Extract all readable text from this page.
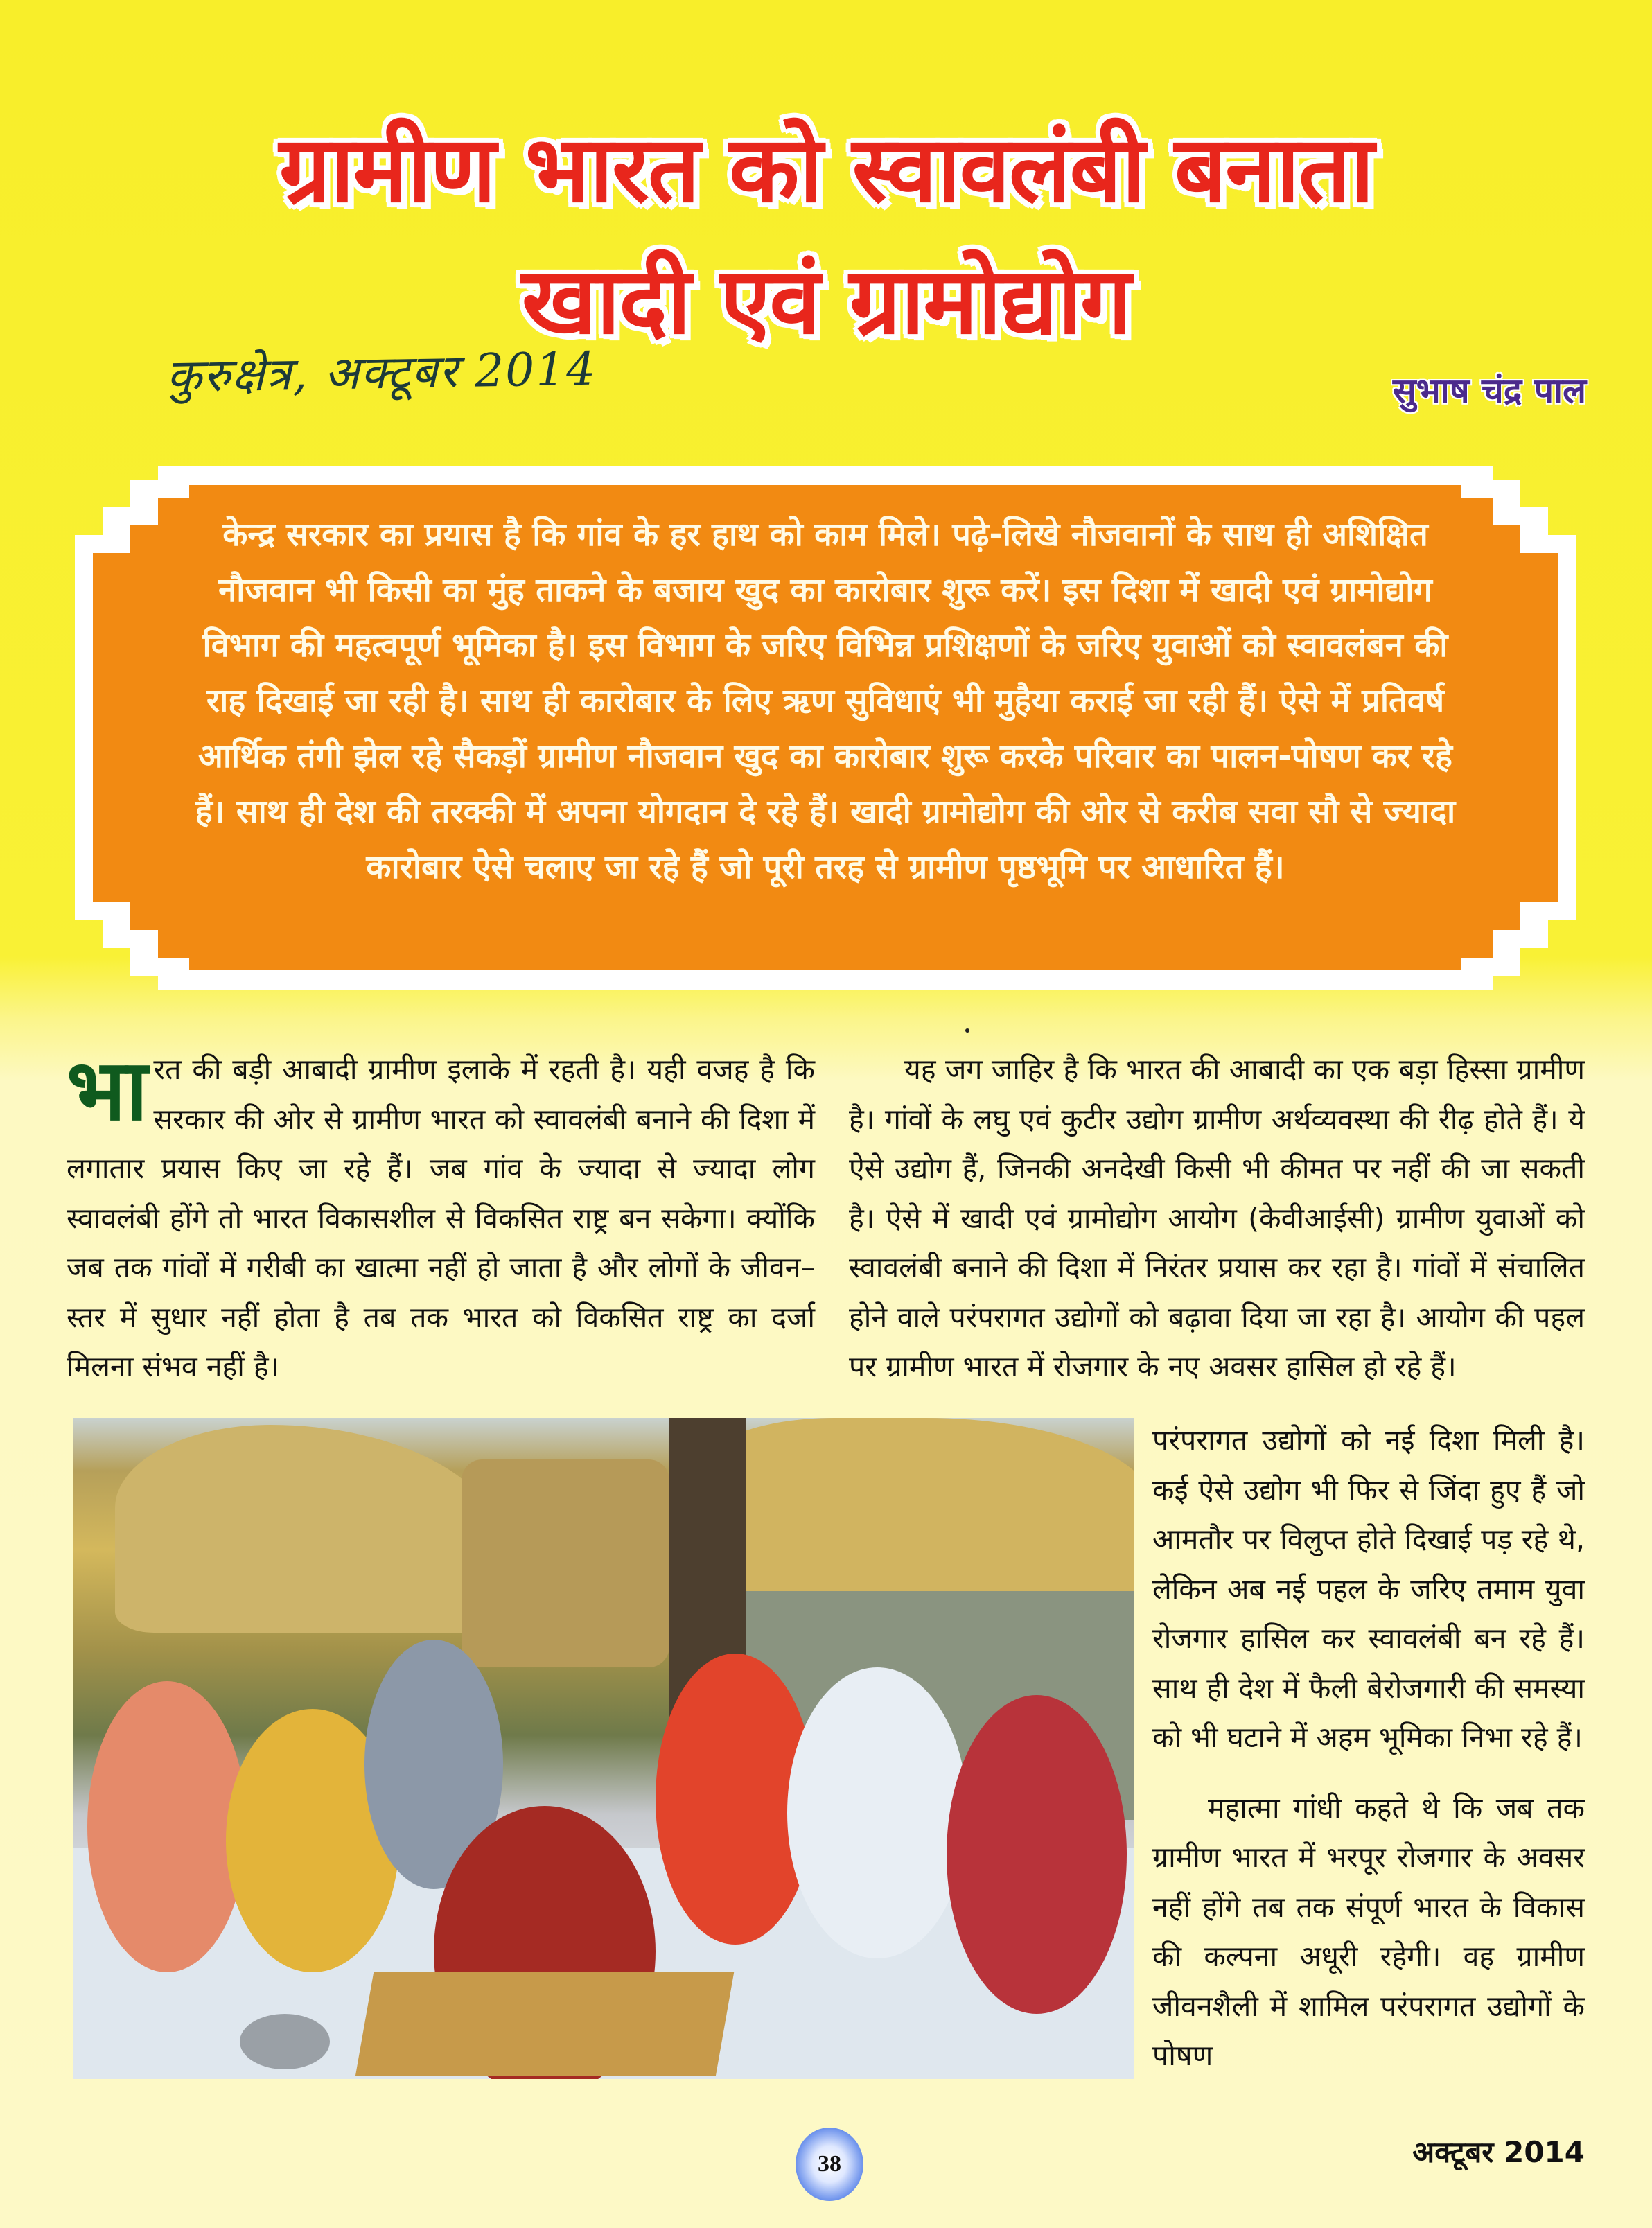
ग्रामीण भारत को स्वावलंबी बनाता
खादी एवं ग्रामोद्योग
कुरुक्षेत्र, अक्टूबर 2014	सुभाष चंद्र पाल
केन्द्र सरकार का प्रयास है कि गांव के हर हाथ को काम मिले। पढ़े-लिखे नौजवानों के साथ ही अशिक्षित नौजवान भी किसी का मुंह ताकने के बजाय खुद का कारोबार शुरू करें। इस दिशा में खादी एवं ग्रामोद्योग विभाग की महत्वपूर्ण भूमिका है। इस विभाग के जरिए विभिन्न प्रशिक्षणों के जरिए युवाओं को स्वावलंबन की राह दिखाई जा रही है। साथ ही कारोबार के लिए ऋण सुविधाएं भी मुहैया कराई जा रही हैं। ऐसे में प्रतिवर्ष आर्थिक तंगी झेल रहे सैकड़ों ग्रामीण नौजवान खुद का कारोबार शुरू करके परिवार का पालन-पोषण कर रहे हैं। साथ ही देश की तरक्की में अपना योगदान दे रहे हैं। खादी ग्रामोद्योग की ओर से करीब सवा सौ से ज्यादा कारोबार ऐसे चलाए जा रहे हैं जो पूरी तरह से ग्रामीण पृष्ठभूमि पर आधारित हैं।
भा रत की बड़ी आबादी ग्रामीण इलाके में रहती है। यही वजह है कि सरकार की ओर से ग्रामीण भारत को स्वावलंबी बनाने की दिशा में लगातार प्रयास किए जा रहे हैं। जब गांव के ज्यादा से ज्यादा लोग स्वावलंबी होंगे तो भारत विकासशील से विकसित राष्ट्र बन सकेगा। क्योंकि जब तक गांवों में गरीबी का खात्मा नहीं हो जाता है और लोगों के जीवन–स्तर में सुधार नहीं होता है तब तक भारत को विकसित राष्ट्र का दर्जा मिलना संभव नहीं है।

यह जग जाहिर है कि भारत की आबादी का एक बड़ा हिस्सा ग्रामीण है। गांवों के लघु एवं कुटीर उद्योग ग्रामीण अर्थव्यवस्था की रीढ़ होते हैं। ये ऐसे उद्योग हैं, जिनकी अनदेखी किसी भी कीमत पर नहीं की जा सकती है। ऐसे में खादी एवं ग्रामोद्योग आयोग (केवीआईसी) ग्रामीण युवाओं को स्वावलंबी बनाने की दिशा में निरंतर प्रयास कर रहा है। गांवों में संचालित होने वाले परंपरागत उद्योगों को बढ़ावा दिया जा रहा है। आयोग की पहल पर ग्रामीण भारत में रोजगार के नए अवसर हासिल हो रहे हैं।

परंपरागत उद्योगों को नई दिशा मिली है। कई ऐसे उद्योग भी फिर से जिंदा हुए हैं जो आमतौर पर विलुप्त होते दिखाई पड़ रहे थे, लेकिन अब नई पहल के जरिए तमाम युवा रोजगार हासिल कर स्वावलंबी बन रहे हैं। साथ ही देश में फैली बेरोजगारी की समस्या को भी घटाने में अहम भूमिका निभा रहे हैं।

महात्मा गांधी कहते थे कि जब तक ग्रामीण भारत में भरपूर रोजगार के अवसर नहीं होंगे तब तक संपूर्ण भारत के विकास की कल्पना अधूरी रहेगी। वह ग्रामीण जीवनशैली में शामिल परंपरागत उद्योगों के पोषण

38	अक्टूबर 2014
